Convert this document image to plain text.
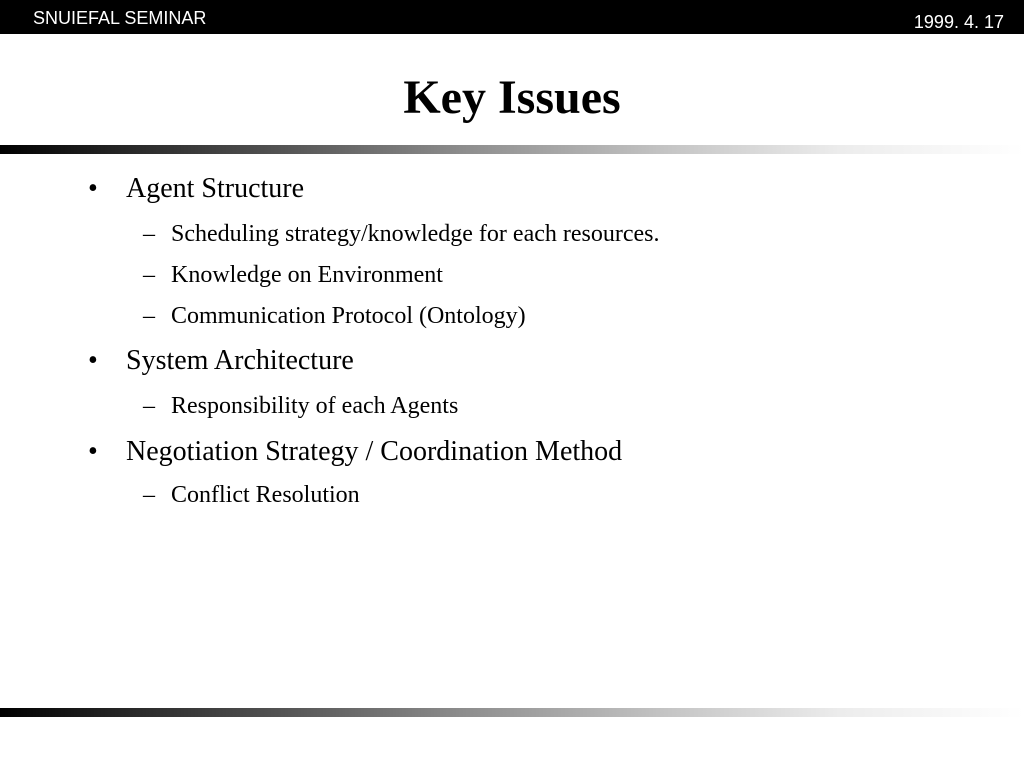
SNUIEFAL SEMINAR	1999. 4. 17
Key Issues
• Agent Structure
– Scheduling strategy/knowledge for each resources.
– Knowledge on Environment
– Communication Protocol (Ontology)
• System Architecture
– Responsibility of each Agents
• Negotiation Strategy / Coordination Method
– Conflict Resolution
